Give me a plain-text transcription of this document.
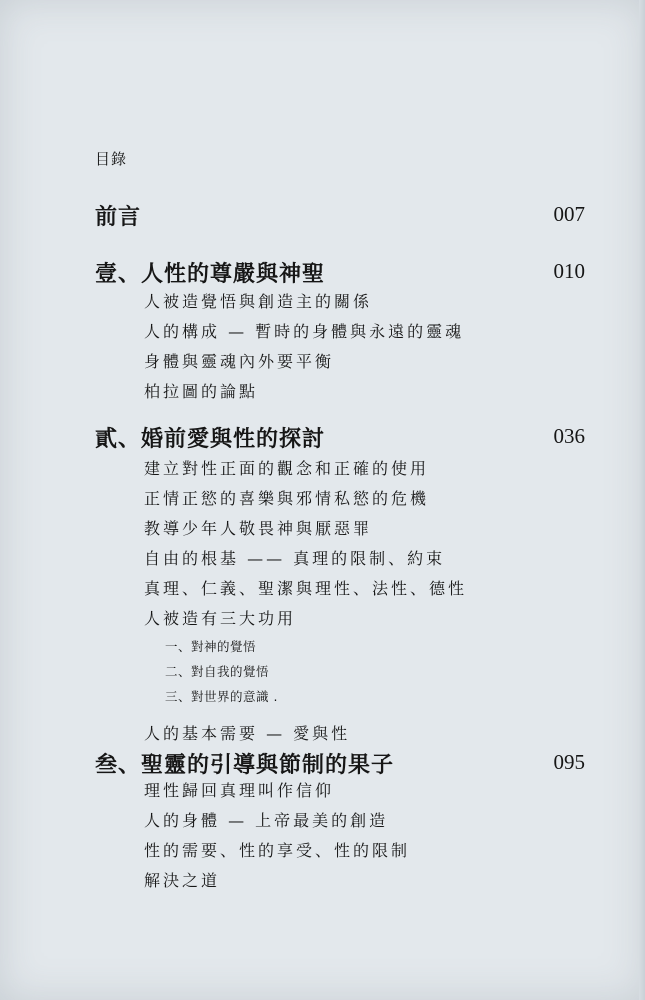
目錄
前言	007
壹、人性的尊嚴與神聖	010
人被造覺悟與創造主的關係
人的構成 — 暫時的身體與永遠的靈魂
身體與靈魂內外要平衡
柏拉圖的論點
貳、婚前愛與性的探討	036
建立對性正面的觀念和正確的使用
正情正慾的喜樂與邪情私慾的危機
教導少年人敬畏神與厭惡罪
自由的根基 —— 真理的限制、約束
真理、仁義、聖潔與理性、法性、德性
人被造有三大功用
一、對神的覺悟
二、對自我的覺悟
三、對世界的意識 .
人的基本需要 — 愛與性
叁、聖靈的引導與節制的果子	095
理性歸回真理叫作信仰
人的身體 — 上帝最美的創造
性的需要、性的享受、性的限制
解決之道
